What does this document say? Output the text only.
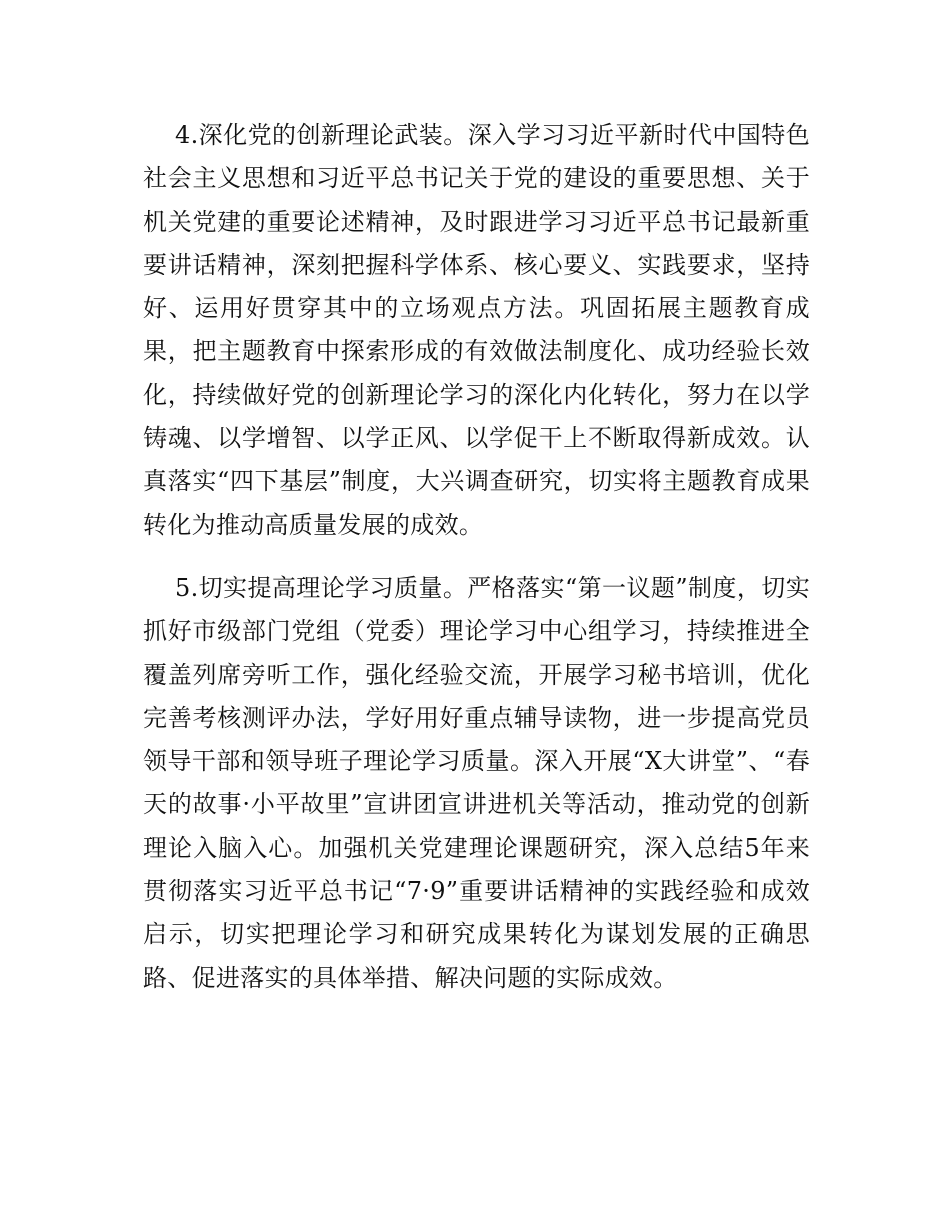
4.深化党的创新理论武装。深入学习习近平新时代中国特色社会主义思想和习近平总书记关于党的建设的重要思想、关于机关党建的重要论述精神，及时跟进学习习近平总书记最新重要讲话精神，深刻把握科学体系、核心要义、实践要求，坚持好、运用好贯穿其中的立场观点方法。巩固拓展主题教育成果，把主题教育中探索形成的有效做法制度化、成功经验长效化，持续做好党的创新理论学习的深化内化转化，努力在以学铸魂、以学增智、以学正风、以学促干上不断取得新成效。认真落实“四下基层”制度，大兴调查研究，切实将主题教育成果转化为推动高质量发展的成效。

5.切实提高理论学习质量。严格落实“第一议题”制度，切实抓好市级部门党组（党委）理论学习中心组学习，持续推进全覆盖列席旁听工作，强化经验交流，开展学习秘书培训，优化完善考核测评办法，学好用好重点辅导读物，进一步提高党员领导干部和领导班子理论学习质量。深入开展“X大讲堂”、“春天的故事·小平故里”宣讲团宣讲进机关等活动，推动党的创新理论入脑入心。加强机关党建理论课题研究，深入总结5年来贯彻落实习近平总书记“7·9”重要讲话精神的实践经验和成效启示，切实把理论学习和研究成果转化为谋划发展的正确思路、促进落实的具体举措、解决问题的实际成效。
